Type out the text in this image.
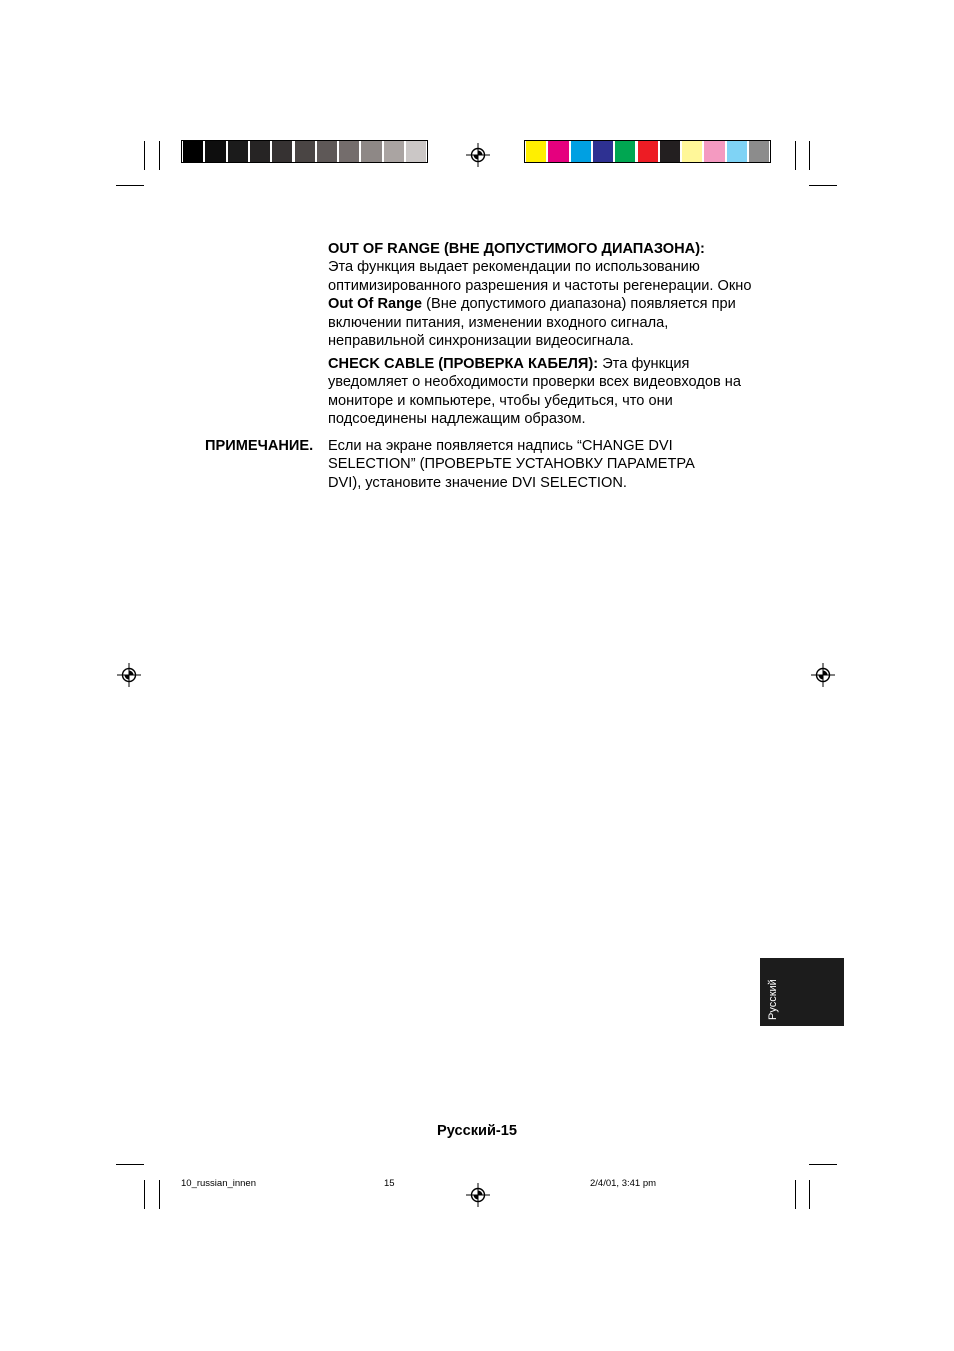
OUT OF RANGE (ВНЕ ДОПУСТИМОГО ДИАПАЗОНА):
Эта функция выдает рекомендации по использованию оптимизированного разрешения и частоты регенерации. Окно Out Of Range (Вне допустимого диапазона) появляется при включении питания, изменении входного сигнала, неправильной синхронизации видеосигнала.

CHECK CABLE (ПРОВЕРКА КАБЕЛЯ): Эта функция уведомляет о необходимости проверки всех видеовходов на мониторе и компьютере, чтобы убедиться, что они подсоединены надлежащим образом.

ПРИМЕЧАНИЕ. Если на экране появляется надпись “CHANGE DVI SELECTION” (ПРОВЕРЬТЕ УСТАНОВКУ ПАРАМЕТРА DVI), установите значение DVI SELECTION.
Русский
Русский-15
10_russian_innen	15	2/4/01, 3:41 pm
